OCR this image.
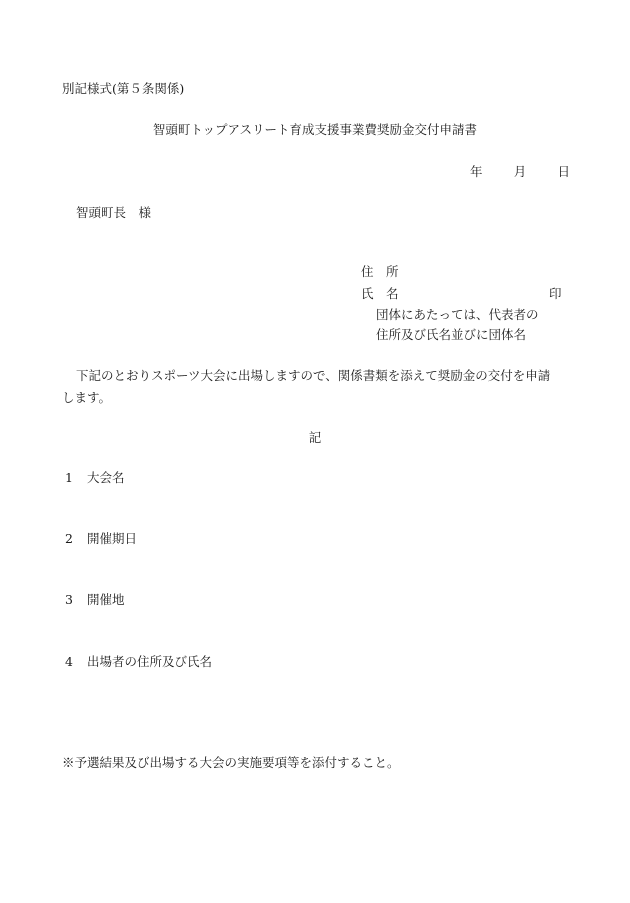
別記様式(第５条関係)
智頭町トップアスリート育成支援事業費奨励金交付申請書
年 月 日
智頭町長　様
住　所
氏　名	印
団体にあたっては、代表者の
住所及び氏名並びに団体名
下記のとおりスポーツ大会に出場しますので、関係書類を添えて奨励金の交付を申請
します。
記
1	大会名
2	開催期日
3	開催地
4	出場者の住所及び氏名
※予選結果及び出場する大会の実施要項等を添付すること。
